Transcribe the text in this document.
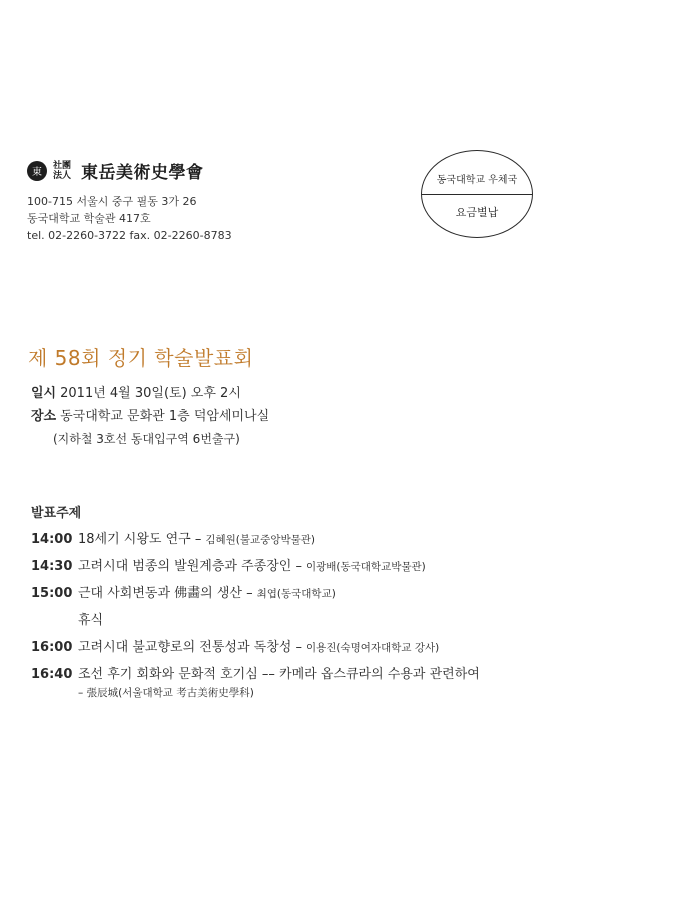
東
社團法人 東岳美術史學會
100-715 서울시 중구 필동 3가 26
동국대학교 학술관 417호
tel. 02-2260-3722 fax. 02-2260-8783
동국대학교 우체국
요금별납
제 58회 정기 학술발표회
일시 2011년 4월 30일(토) 오후 2시
장소 동국대학교 문화관 1층 덕암세미나실
(지하철 3호선 동대입구역 6번출구)
발표주제
14:00 18세기 시왕도 연구 – 김혜원(불교중앙박물관)
14:30 고려시대 범종의 발원계층과 주종장인 – 이광배(동국대학교박물관)
15:00 근대 사회변동과 佛畵의 생산 – 최엽(동국대학교)
휴식
16:00 고려시대 불교향로의 전통성과 독창성 – 이용진(숙명여자대학교 강사)
16:40 조선 후기 회화와 문화적 호기심 –– 카메라 옵스큐라의 수용과 관련하여
– 張辰城(서울대학교 考古美術史學科)
